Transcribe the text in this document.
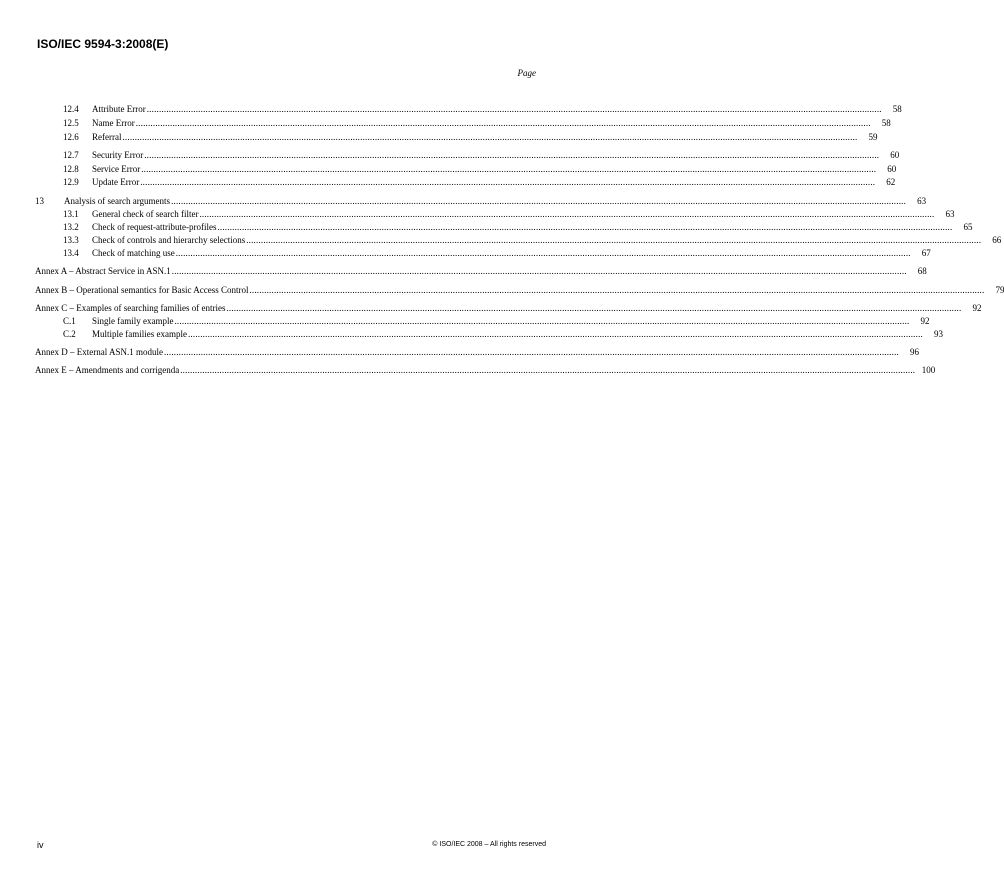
ISO/IEC 9594-3:2008(E)
Page
12.4	Attribute Error ............................................................................................................................................................................................................................................................................................................	58
12.5	Name Error ............................................................................................................................................................................................................................................................................................................	58
12.6	Referral ............................................................................................................................................................................................................................................................................................................	59
12.7	Security Error ............................................................................................................................................................................................................................................................................................................	60
12.8	Service Error ............................................................................................................................................................................................................................................................................................................	60
12.9	Update Error ............................................................................................................................................................................................................................................................................................................	62
13	Analysis of search arguments ............................................................................................................................................................................................................................................................................................................	63
13.1	General check of search filter ............................................................................................................................................................................................................................................................................................................	63
13.2	Check of request-attribute-profiles ............................................................................................................................................................................................................................................................................................................	65
13.3	Check of controls and hierarchy selections ............................................................................................................................................................................................................................................................................................................	66
13.4	Check of matching use ............................................................................................................................................................................................................................................................................................................	67
Annex A – Abstract Service in ASN.1 ............................................................................................................................................................................................................................................................................................................	68
Annex B – Operational semantics for Basic Access Control ............................................................................................................................................................................................................................................................................................................	79
Annex C – Examples of searching families of entries ............................................................................................................................................................................................................................................................................................................	92
C.1	Single family example ............................................................................................................................................................................................................................................................................................................	92
C.2	Multiple families example ............................................................................................................................................................................................................................................................................................................	93
Annex D – External ASN.1 module ............................................................................................................................................................................................................................................................................................................	96
Annex E – Amendments and corrigenda ............................................................................................................................................................................................................................................................................................................ 100
iv	© ISO/IEC 2008 – All rights reserved
